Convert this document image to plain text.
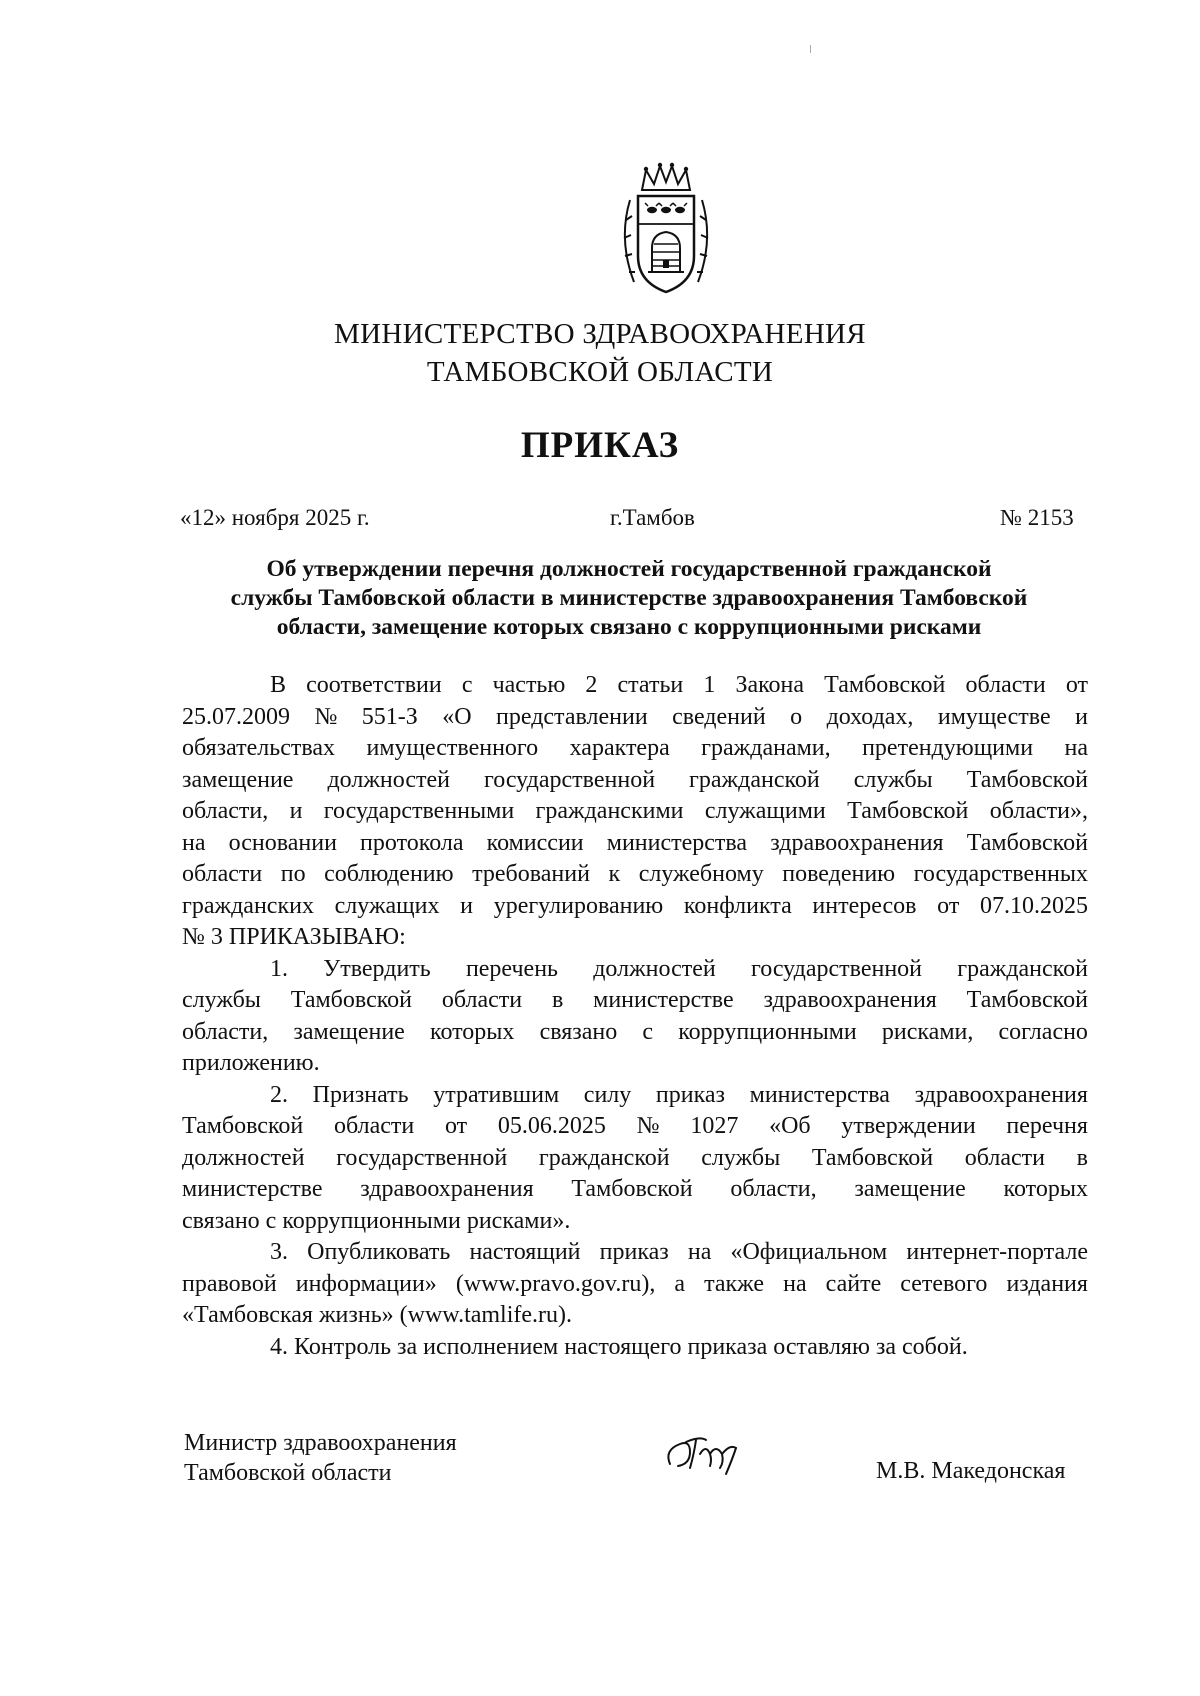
МИНИСТЕРСТВО ЗДРАВООХРАНЕНИЯ
ТАМБОВСКОЙ ОБЛАСТИ
ПРИКАЗ
«12» ноября 2025 г.	г.Тамбов	№ 2153
Об утверждении перечня должностей государственной гражданской
службы Тамбовской области в министерстве здравоохранения Тамбовской
области, замещение которых связано с коррупционными рисками
В соответствии с частью 2 статьи 1 Закона Тамбовской области от
25.07.2009 № 551-З «О представлении сведений о доходах, имуществе и
обязательствах имущественного характера гражданами, претендующими на
замещение должностей государственной гражданской службы Тамбовской
области, и государственными гражданскими служащими Тамбовской области»,
на основании протокола комиссии министерства здравоохранения Тамбовской
области по соблюдению требований к служебному поведению государственных
гражданских служащих и урегулированию конфликта интересов от 07.10.2025
№ 3 ПРИКАЗЫВАЮ:
1. Утвердить перечень должностей государственной гражданской
службы Тамбовской области в министерстве здравоохранения Тамбовской
области, замещение которых связано с коррупционными рисками, согласно
приложению.
2. Признать утратившим силу приказ министерства здравоохранения
Тамбовской области от 05.06.2025 № 1027 «Об утверждении перечня
должностей государственной гражданской службы Тамбовской области в
министерстве здравоохранения Тамбовской области, замещение которых
связано с коррупционными рисками».
3. Опубликовать настоящий приказ на «Официальном интернет-портале
правовой информации» (www.pravo.gov.ru), а также на сайте сетевого издания
«Тамбовская жизнь» (www.tamlife.ru).
4. Контроль за исполнением настоящего приказа оставляю за собой.
Министр здравоохранения
Тамбовской области	М.В. Македонская
